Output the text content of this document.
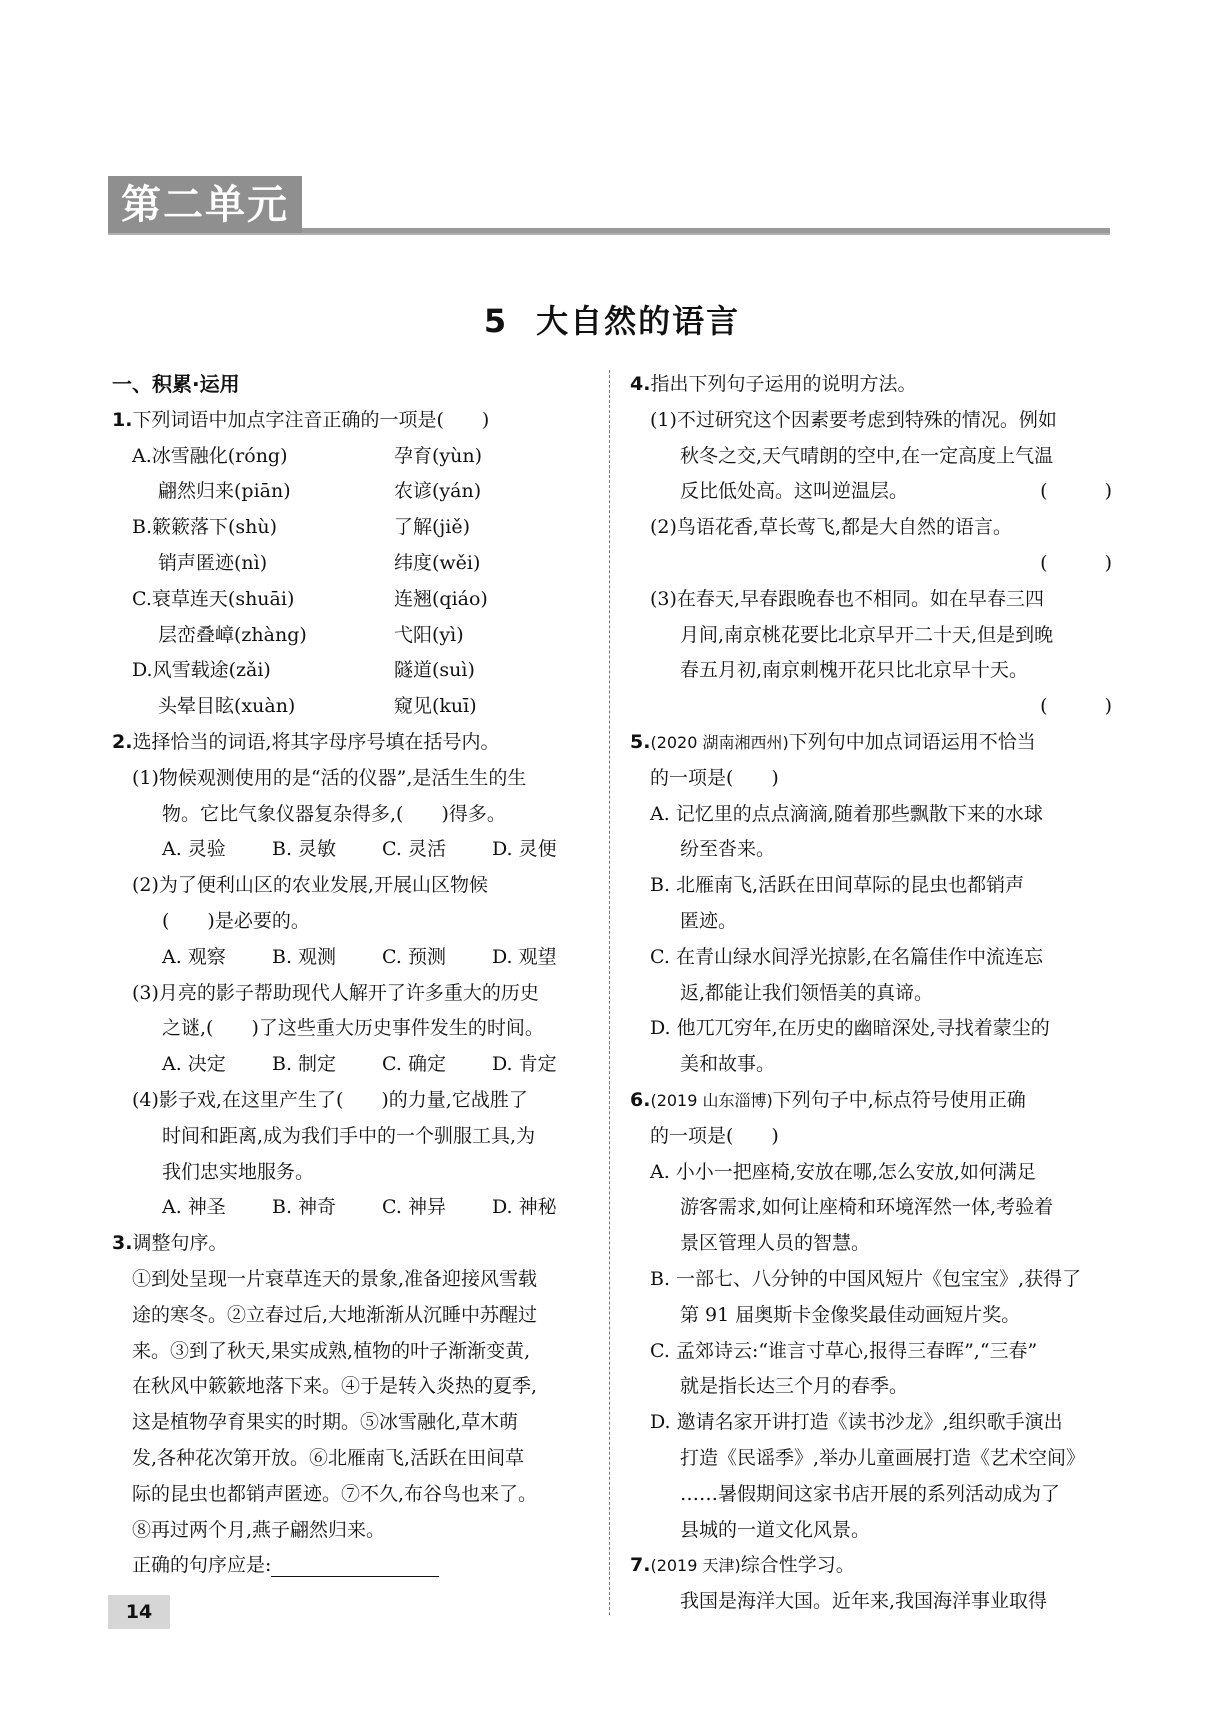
第二单元
5 大自然的语言
一、积累·运用
1.下列词语中加点字注音正确的一项是(　　)
A.冰雪融化(róng)	孕育(yùn)
翩然归来(piān)	农谚(yán)
B.簌簌落下(shù)	了解(jiě)
销声匿迹(nì)	纬度(wěi)
C.衰草连天(shuāi)	连翘(qiáo)
层峦叠嶂(zhàng)	弋阳(yì)
D.风雪载途(zǎi)	隧道(suì)
头晕目眩(xuàn)	窥见(kuī)
2.选择恰当的词语,将其字母序号填在括号内。
(1)物候观测使用的是“活的仪器”,是活生生的生
物。它比气象仪器复杂得多,(　　)得多。
A. 灵验 B. 灵敏 C. 灵活 D. 灵便
(2)为了便利山区的农业发展,开展山区物候
(　　)是必要的。
A. 观察 B. 观测 C. 预测 D. 观望
(3)月亮的影子帮助现代人解开了许多重大的历史
之谜,(　　)了这些重大历史事件发生的时间。
A. 决定 B. 制定 C. 确定 D. 肯定
(4)影子戏,在这里产生了(　　)的力量,它战胜了
时间和距离,成为我们手中的一个驯服工具,为
我们忠实地服务。
A. 神圣 B. 神奇 C. 神异 D. 神秘
3.调整句序。
①到处呈现一片衰草连天的景象,准备迎接风雪载
途的寒冬。②立春过后,大地渐渐从沉睡中苏醒过
来。③到了秋天,果实成熟,植物的叶子渐渐变黄,
在秋风中簌簌地落下来。④于是转入炎热的夏季,
这是植物孕育果实的时期。⑤冰雪融化,草木萌
发,各种花次第开放。⑥北雁南飞,活跃在田间草
际的昆虫也都销声匿迹。⑦不久,布谷鸟也来了。
⑧再过两个月,燕子翩然归来。
正确的句序应是:
4.指出下列句子运用的说明方法。
(1)不过研究这个因素要考虑到特殊的情况。例如
秋冬之交,天气晴朗的空中,在一定高度上气温
反比低处高。这叫逆温层。	(　　　)
(2)鸟语花香,草长莺飞,都是大自然的语言。
(　　　)
(3)在春天,早春跟晚春也不相同。如在早春三四
月间,南京桃花要比北京早开二十天,但是到晚
春五月初,南京刺槐开花只比北京早十天。
(　　　)
5.(2020 湖南湘西州)下列句中加点词语运用不恰当
的一项是(　　)
A. 记忆里的点点滴滴,随着那些飘散下来的水球
纷至沓来。
B. 北雁南飞,活跃在田间草际的昆虫也都销声
匿迹。
C. 在青山绿水间浮光掠影,在名篇佳作中流连忘
返,都能让我们领悟美的真谛。
D. 他兀兀穷年,在历史的幽暗深处,寻找着蒙尘的
美和故事。
6.(2019 山东淄博)下列句子中,标点符号使用正确
的一项是(　　)
A. 小小一把座椅,安放在哪,怎么安放,如何满足
游客需求,如何让座椅和环境浑然一体,考验着
景区管理人员的智慧。
B. 一部七、八分钟的中国风短片《包宝宝》,获得了
第 91 届奥斯卡金像奖最佳动画短片奖。
C. 孟郊诗云:“谁言寸草心,报得三春晖”,“三春”
就是指长达三个月的春季。
D. 邀请名家开讲打造《读书沙龙》,组织歌手演出
打造《民谣季》,举办儿童画展打造《艺术空间》
……暑假期间这家书店开展的系列活动成为了
县城的一道文化风景。
7.(2019 天津)综合性学习。
我国是海洋大国。近年来,我国海洋事业取得
14
